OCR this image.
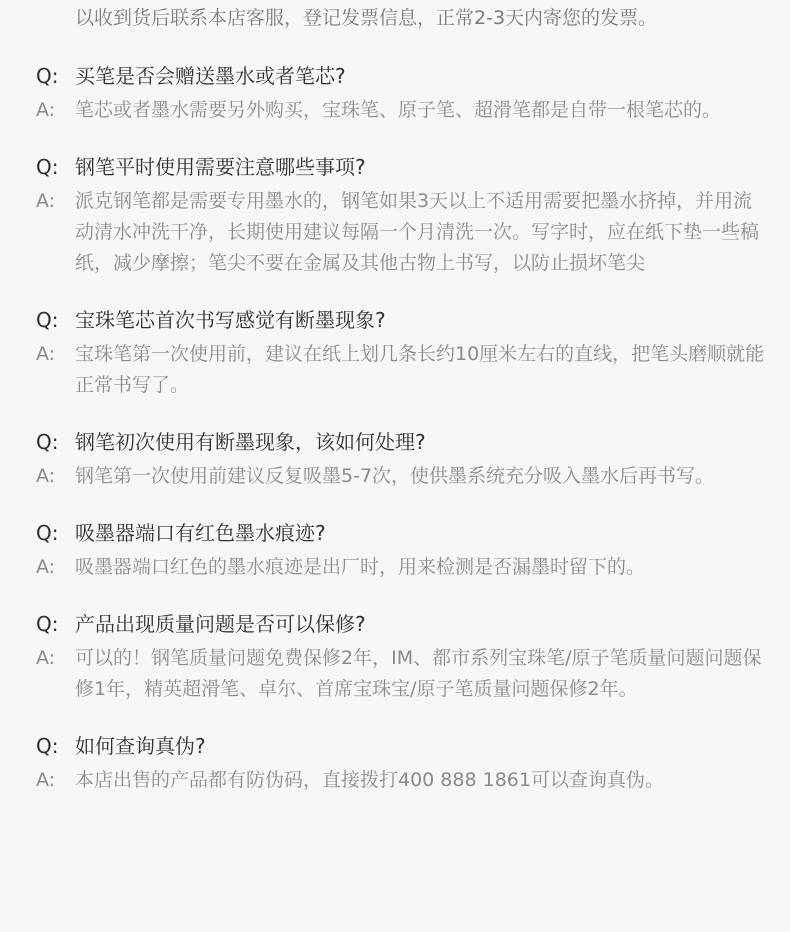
以收到货后联系本店客服，登记发票信息，正常2-3天内寄您的发票。
Q: 买笔是否会赠送墨水或者笔芯?
A:	笔芯或者墨水需要另外购买，宝珠笔、原子笔、超滑笔都是自带一根笔芯的。
Q: 钢笔平时使用需要注意哪些事项?
A:	派克钢笔都是需要专用墨水的，钢笔如果3天以上不适用需要把墨水挤掉，并用流动清水冲洗干净，长期使用建议每隔一个月清洗一次。写字时，应在纸下垫一些稿纸，减少摩擦；笔尖不要在金属及其他古物上书写，以防止损坏笔尖
Q: 宝珠笔芯首次书写感觉有断墨现象?
A:	宝珠笔第一次使用前，建议在纸上划几条长约10厘米左右的直线，把笔头磨顺就能正常书写了。
Q: 钢笔初次使用有断墨现象，该如何处理?
A:	钢笔第一次使用前建议反复吸墨5-7次，使供墨系统充分吸入墨水后再书写。
Q: 吸墨器端口有红色墨水痕迹?
A:	吸墨器端口红色的墨水痕迹是出厂时，用来检测是否漏墨时留下的。
Q: 产品出现质量问题是否可以保修?
A:	可以的！钢笔质量问题免费保修2年，IM、都市系列宝珠笔/原子笔质量问题问题保修1年，精英超滑笔、卓尔、首席宝珠宝/原子笔质量问题保修2年。
Q: 如何查询真伪?
A:	本店出售的产品都有防伪码，直接拨打400 888 1861可以查询真伪。
